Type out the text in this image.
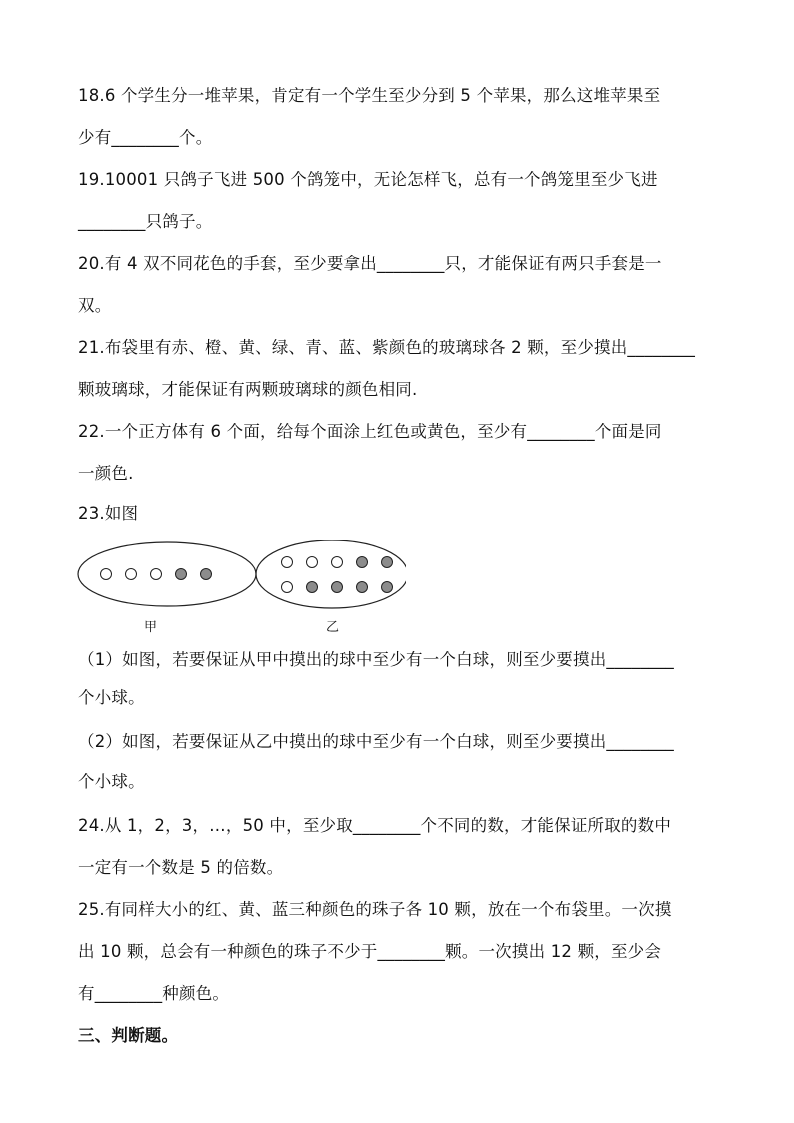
18.6 个学生分一堆苹果，肯定有一个学生至少分到 5 个苹果，那么这堆苹果至
少有________个。
19.10001 只鸽子飞进 500 个鸽笼中，无论怎样飞，总有一个鸽笼里至少飞进
________只鸽子。
20.有 4 双不同花色的手套，至少要拿出________只，才能保证有两只手套是一
双。
21.布袋里有赤、橙、黄、绿、青、蓝、紫颜色的玻璃球各 2 颗，至少摸出________
颗玻璃球，才能保证有两颗玻璃球的颜色相同.
22.一个正方体有 6 个面，给每个面涂上红色或黄色，至少有________个面是同
一颜色.
23.如图
甲	乙
（1）如图，若要保证从甲中摸出的球中至少有一个白球，则至少要摸出________
个小球。
（2）如图，若要保证从乙中摸出的球中至少有一个白球，则至少要摸出________
个小球。
24.从 1，2，3，…，50 中，至少取________个不同的数，才能保证所取的数中
一定有一个数是 5 的倍数。
25.有同样大小的红、黄、蓝三种颜色的珠子各 10 颗，放在一个布袋里。一次摸
出 10 颗，总会有一种颜色的珠子不少于________颗。一次摸出 12 颗，至少会
有________种颜色。
三、判断题。
